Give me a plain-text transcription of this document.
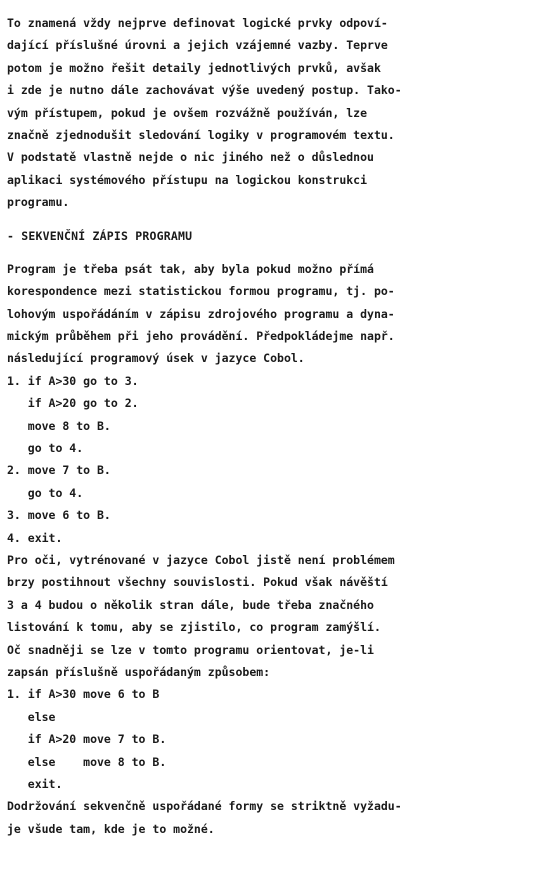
To znamená vždy nejprve definovat logické prvky odpoví-
dající příslušné úrovni a jejich vzájemné vazby. Teprve
potom je možno řešit detaily jednotlivých prvků, avšak
i zde je nutno dále zachovávat výše uvedený postup. Tako-
vým přístupem, pokud je ovšem rozvážně používán, lze
značně zjednodušit sledování logiky v programovém textu.
V podstatě vlastně nejde o nic jiného než o důslednou
aplikaci systémového přístupu na logickou konstrukci
programu.
- SEKVENČNÍ ZÁPIS PROGRAMU
Program je třeba psát tak, aby byla pokud možno přímá
korespondence mezi statistickou formou programu, tj. po-
lohovým uspořádáním v zápisu zdrojového programu a dyna-
mickým průběhem při jeho provádění. Předpokládejme např.
následující programový úsek v jazyce Cobol.
1. if A>30 go to 3.
if A>20 go to 2.
move 8 to B.
go to 4.
2. move 7 to B.
go to 4.
3. move 6 to B.
4. exit.
Pro oči, vytrénované v jazyce Cobol jistě není problémem
brzy postihnout všechny souvislosti. Pokud však návěští
3 a 4 budou o několik stran dále, bude třeba značného
listování k tomu, aby se zjistilo, co program zamýšlí.
Oč snadněji se lze v tomto programu orientovat, je-li
zapsán příslušně uspořádaným způsobem:
1. if A>30 move 6 to B
else
if A>20 move 7 to B.
else    move 8 to B.
exit.
Dodržování sekvenčně uspořádané formy se striktně vyžadu-
je všude tam, kde je to možné.
